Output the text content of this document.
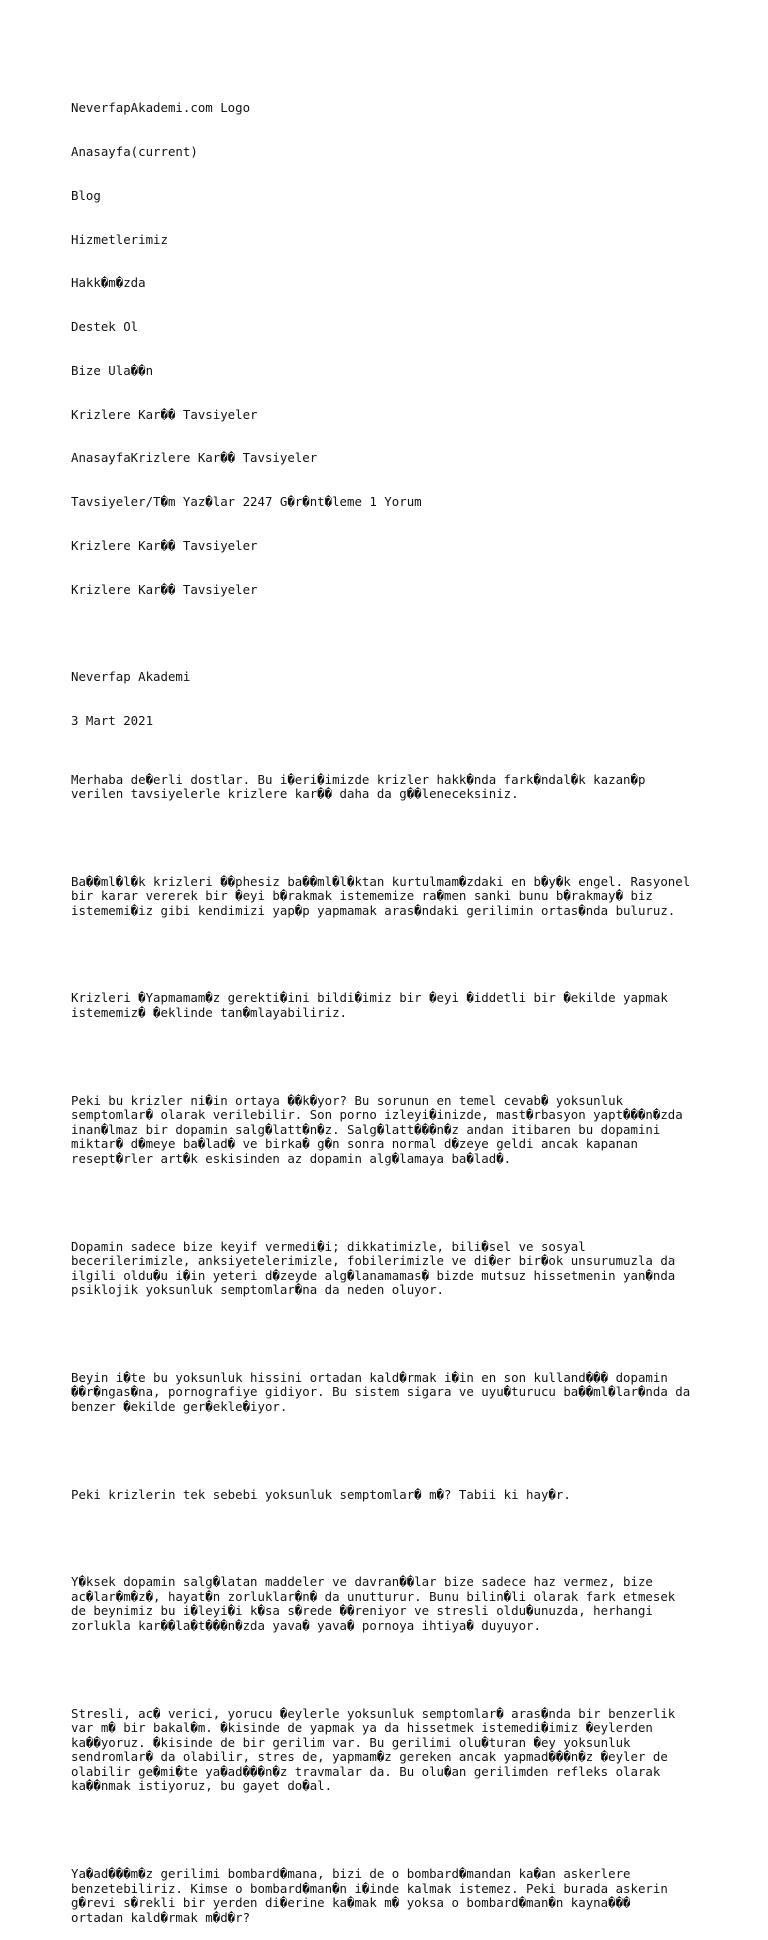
NeverfapAkademi.com Logo

Anasayfa(current)

Blog

Hizmetlerimiz

Hakk�m�zda

Destek Ol

Bize Ula��n

Krizlere Kar�� Tavsiyeler

AnasayfaKrizlere Kar�� Tavsiyeler

Tavsiyeler/T�m Yaz�lar 2247 G�r�nt�leme 1 Yorum

Krizlere Kar�� Tavsiyeler

Krizlere Kar�� Tavsiyeler

Neverfap Akademi

3 Mart 2021

Merhaba de�erli dostlar. Bu i�eri�imizde krizler hakk�nda fark�ndal�k kazan�p
verilen tavsiyelerle krizlere kar�� daha da g��leneceksiniz.

Ba��ml�l�k krizleri ��phesiz ba��ml�l�ktan kurtulmam�zdaki en b�y�k engel. Rasyonel
bir karar vererek bir �eyi b�rakmak istememize ra�men sanki bunu b�rakmay� biz
istememi�iz gibi kendimizi yap�p yapmamak aras�ndaki gerilimin ortas�nda buluruz.

Krizleri �Yapmamam�z gerekti�ini bildi�imiz bir �eyi �iddetli bir �ekilde yapmak
istememiz� �eklinde tan�mlayabiliriz.

Peki bu krizler ni�in ortaya ��k�yor? Bu sorunun en temel cevab� yoksunluk
semptomlar� olarak verilebilir. Son porno izleyi�inizde, mast�rbasyon yapt���n�zda
inan�lmaz bir dopamin salg�latt�n�z. Salg�latt���n�z andan itibaren bu dopamini
miktar� d�meye ba�lad� ve birka� g�n sonra normal d�zeye geldi ancak kapanan
resept�rler art�k eskisinden az dopamin alg�lamaya ba�lad�.

Dopamin sadece bize keyif vermedi�i; dikkatimizle, bili�sel ve sosyal
becerilerimizle, anksiyetelerimizle, fobilerimizle ve di�er bir�ok unsurumuzla da
ilgili oldu�u i�in yeteri d�zeyde alg�lanamamas� bizde mutsuz hissetmenin yan�nda
psiklojik yoksunluk semptomlar�na da neden oluyor.

Beyin i�te bu yoksunluk hissini ortadan kald�rmak i�in en son kulland��� dopamin
��r�ngas�na, pornografiye gidiyor. Bu sistem sigara ve uyu�turucu ba��ml�lar�nda da
benzer �ekilde ger�ekle�iyor.

Peki krizlerin tek sebebi yoksunluk semptomlar� m�? Tabii ki hay�r.

Y�ksek dopamin salg�latan maddeler ve davran��lar bize sadece haz vermez, bize
ac�lar�m�z�, hayat�n zorluklar�n� da unutturur. Bunu bilin�li olarak fark etmesek
de beynimiz bu i�leyi�i k�sa s�rede ��reniyor ve stresli oldu�unuzda, herhangi
zorlukla kar��la�t���n�zda yava� yava� pornoya ihtiya� duyuyor.

Stresli, ac� verici, yorucu �eylerle yoksunluk semptomlar� aras�nda bir benzerlik
var m� bir bakal�m. �kisinde de yapmak ya da hissetmek istemedi�imiz �eylerden
ka��yoruz. �kisinde de bir gerilim var. Bu gerilimi olu�turan �ey yoksunluk
sendromlar� da olabilir, stres de, yapmam�z gereken ancak yapmad���n�z �eyler de
olabilir ge�mi�te ya�ad���n�z travmalar da. Bu olu�an gerilimden refleks olarak
ka��nmak istiyoruz, bu gayet do�al.

Ya�ad���m�z gerilimi bombard�mana, bizi de o bombard�mandan ka�an askerlere
benzetebiliriz. Kimse o bombard�man�n i�inde kalmak istemez. Peki burada askerin
g�revi s�rekli bir yerden di�erine ka�mak m� yoksa o bombard�man�n kayna���
ortadan kald�rmak m�d�r?
